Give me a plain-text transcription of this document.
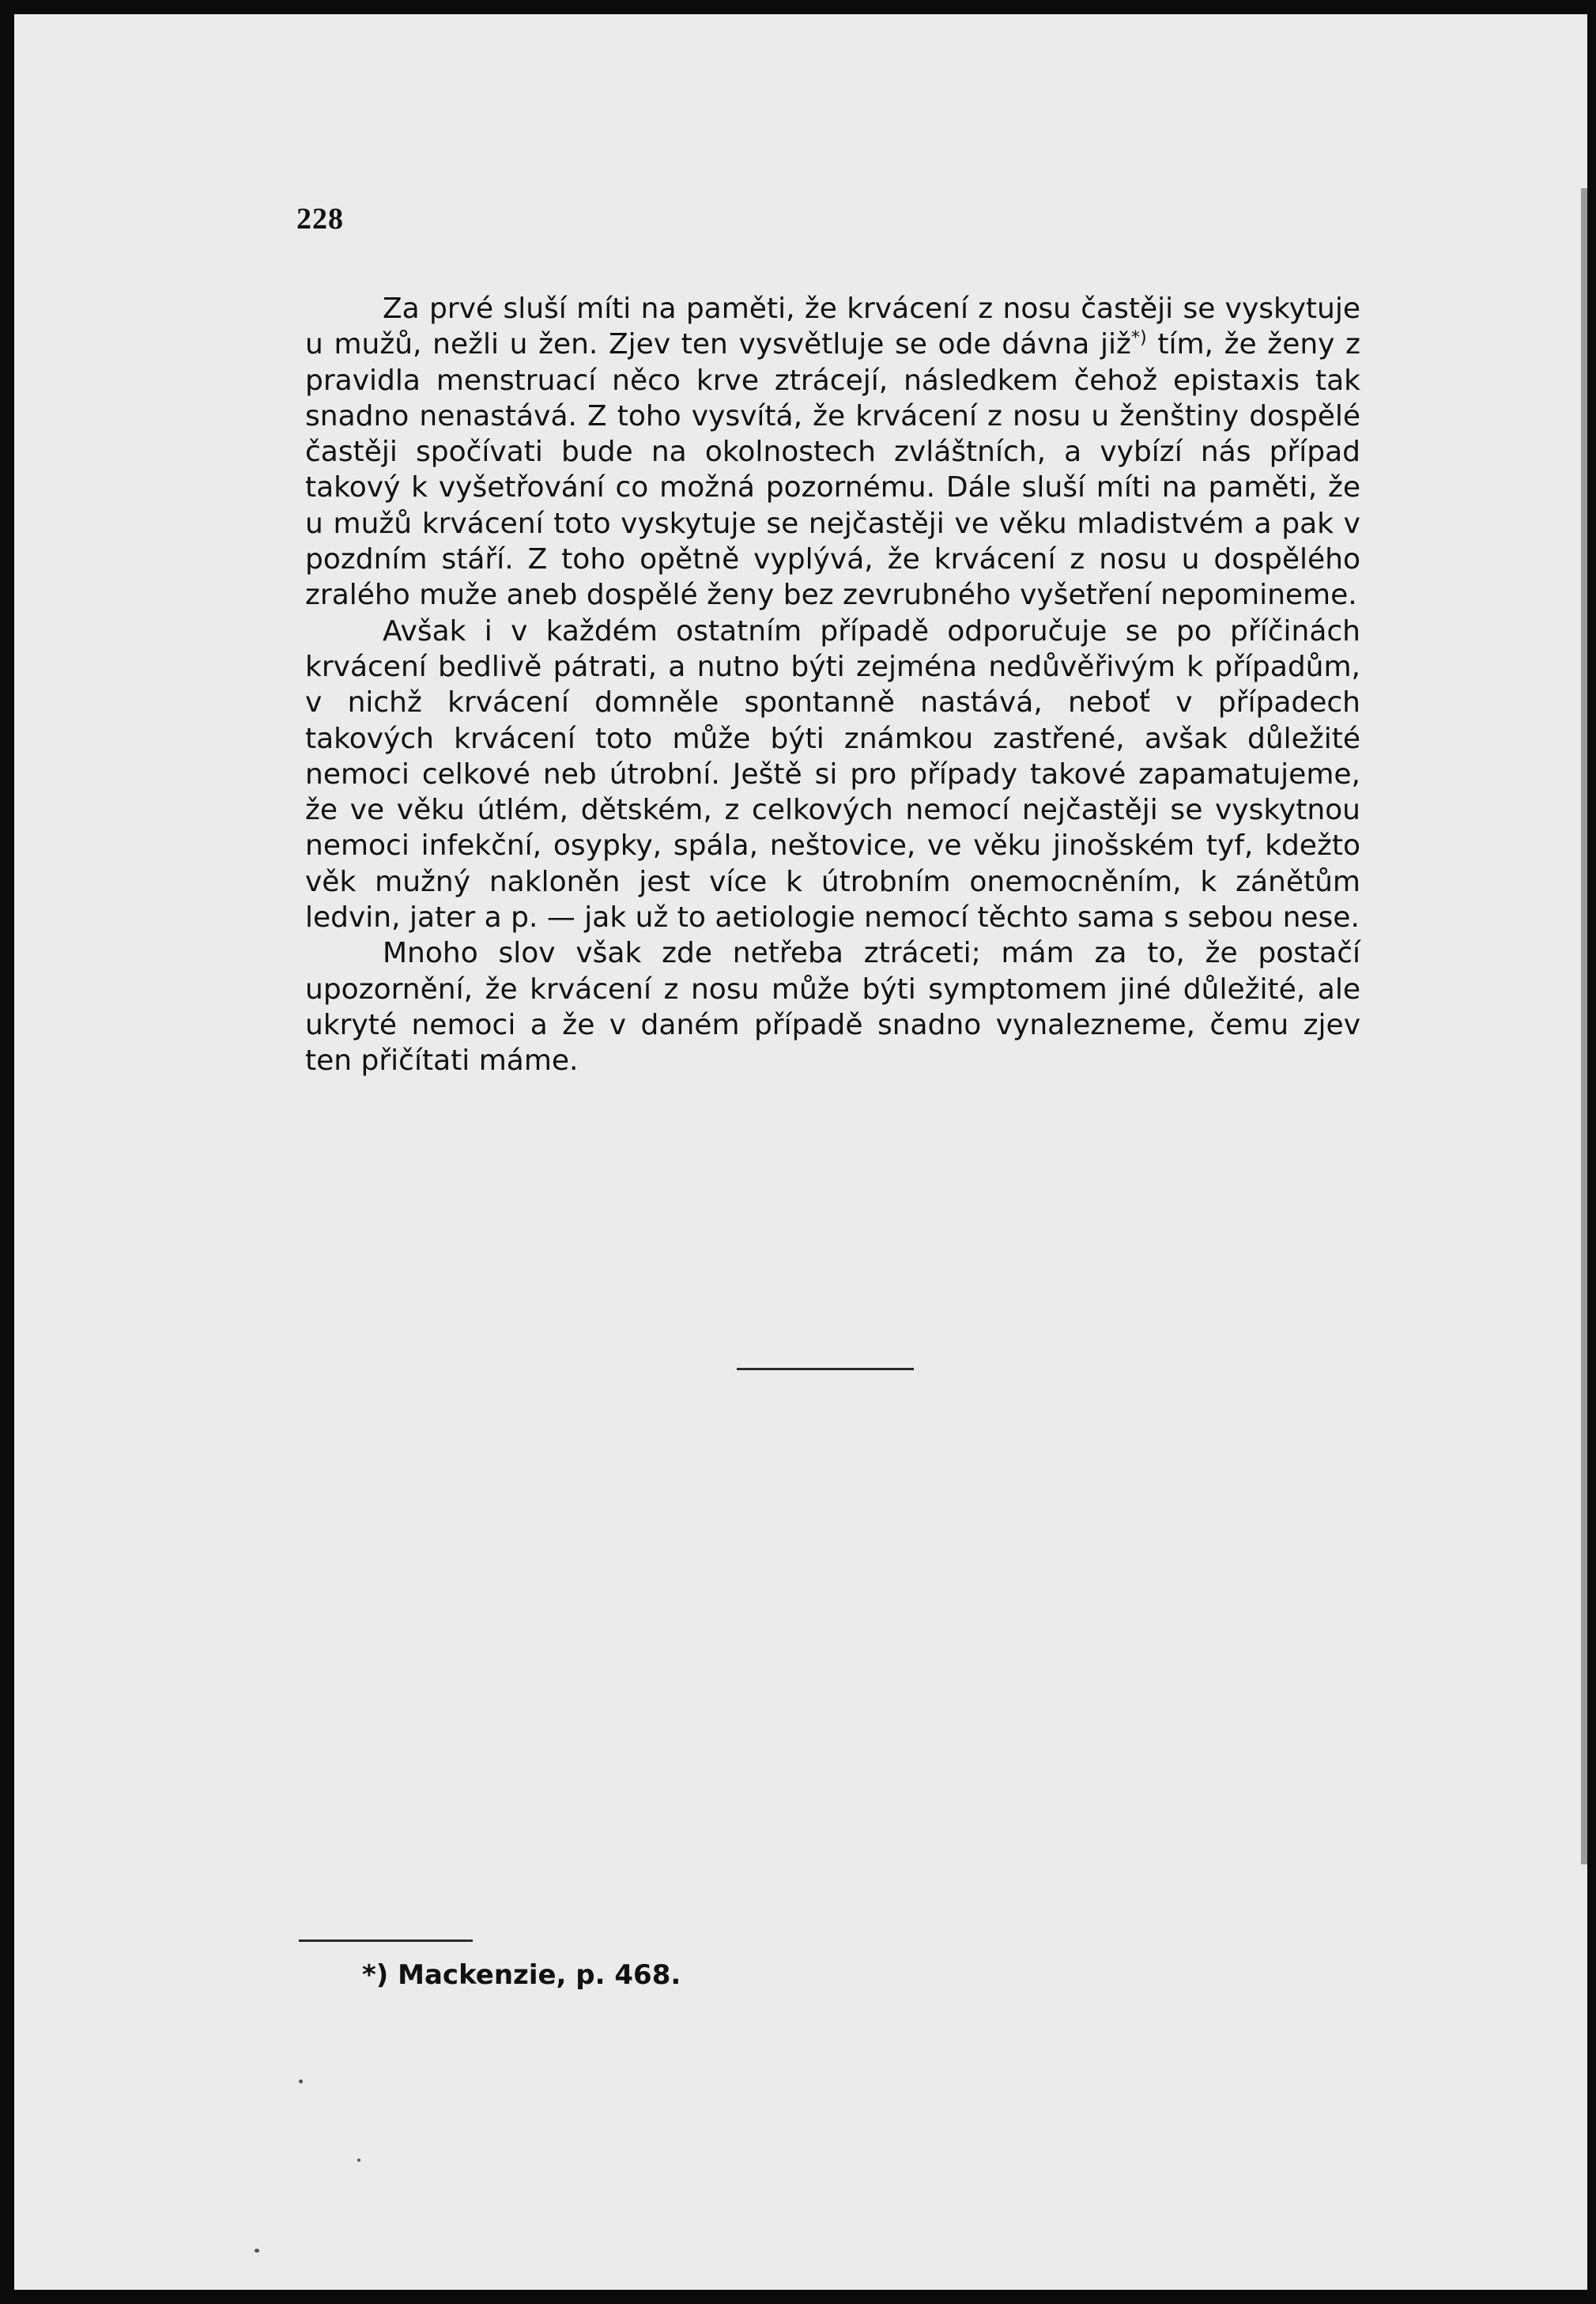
228

Za prvé sluší míti na paměti, že krvácení z nosu častěji se vyskytuje u mužů, nežli u žen. Zjev ten vysvětluje se ode dávna již*) tím, že ženy z pravidla menstruací něco krve ztrácejí, následkem čehož epistaxis tak snadno nenastává. Z toho vysvítá, že krvácení z nosu u ženštiny dospělé častěji spočívati bude na okolnostech zvláštních, a vybízí nás případ takový k vyšetřování co možná pozornému. Dále sluší míti na paměti, že u mužů krvácení toto vyskytuje se nejčastěji ve věku mladistvém a pak v pozdním stáří. Z toho opětně vyplývá, že krvácení z nosu u dospělého zralého muže aneb dospělé ženy bez zevrubného vyšetření nepomineme.

Avšak i v každém ostatním případě odporučuje se po příčinách krvácení bedlivě pátrati, a nutno býti zejména nedůvěřivým k případům, v nichž krvácení domněle spontanně nastává, neboť v případech takových krvácení toto může býti známkou zastřené, avšak důležité nemoci celkové neb útrobní. Ještě si pro případy takové zapamatujeme, že ve věku útlém, dětském, z celkových nemocí nejčastěji se vyskytnou nemoci infekční, osypky, spála, neštovice, ve věku jinošském tyf, kdežto věk mužný nakloněn jest více k útrobním onemocněním, k zánětům ledvin, jater a p. — jak už to aetiologie nemocí těchto sama s sebou nese.

Mnoho slov však zde netřeba ztráceti; mám za to, že postačí upozornění, že krvácení z nosu může býti symptomem jiné důležité, ale ukryté nemoci a že v daném případě snadno vynalezneme, čemu zjev ten přičítati máme.

*) Mackenzie, p. 468.
